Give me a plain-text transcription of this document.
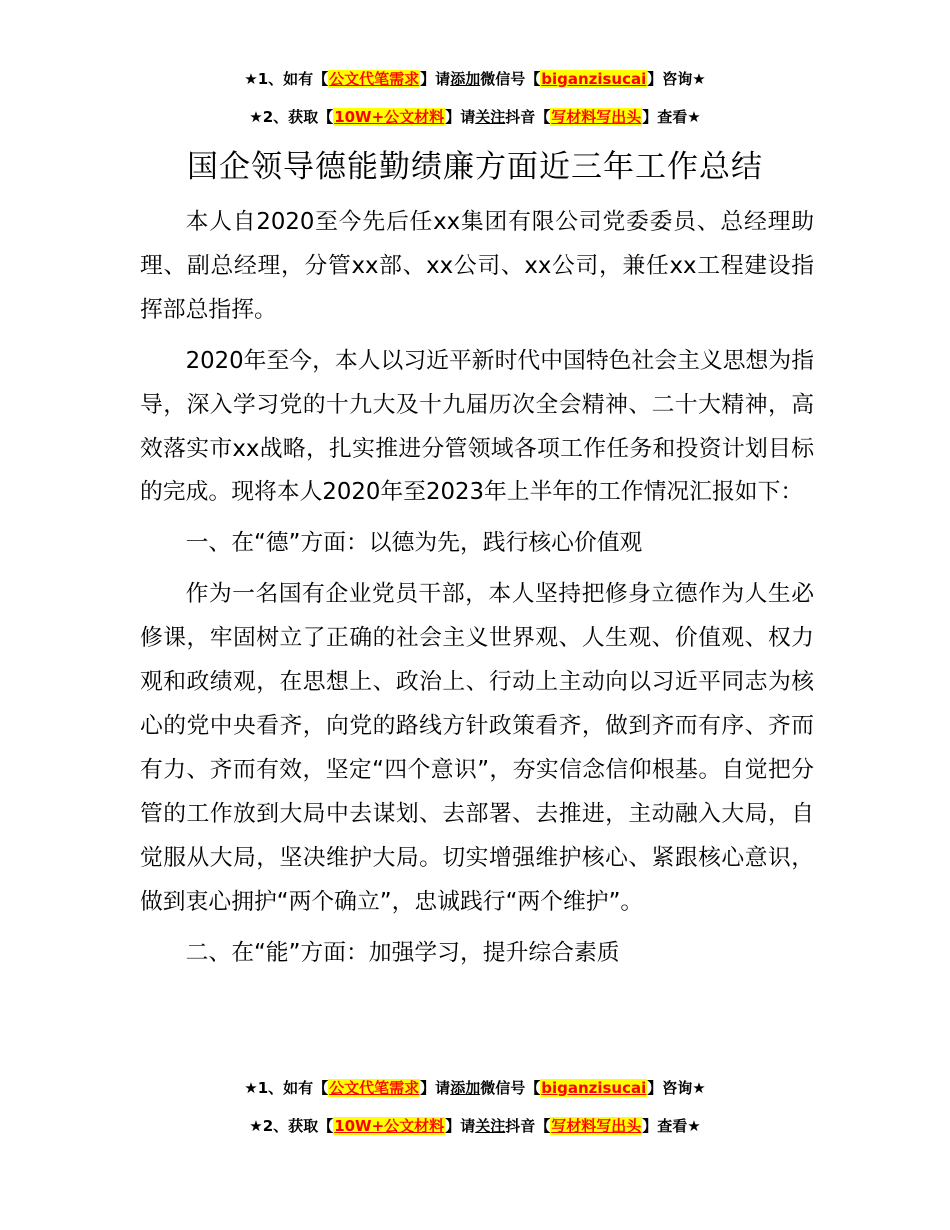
★1、如有【公文代笔需求】请添加微信号【biganzisucai】咨询★
★2、获取【10W+公文材料】请关注抖音【写材料写出头】查看★
国企领导德能勤绩廉方面近三年工作总结

本人自2020至今先后任xx集团有限公司党委委员、总经理助理、副总经理，分管xx部、xx公司、xx公司，兼任xx工程建设指挥部总指挥。

2020年至今，本人以习近平新时代中国特色社会主义思想为指导，深入学习党的十九大及十九届历次全会精神、二十大精神，高效落实市xx战略，扎实推进分管领域各项工作任务和投资计划目标的完成。现将本人2020年至2023年上半年的工作情况汇报如下：

一、在“德”方面：以德为先，践行核心价值观

作为一名国有企业党员干部，本人坚持把修身立德作为人生必修课，牢固树立了正确的社会主义世界观、人生观、价值观、权力观和政绩观，在思想上、政治上、行动上主动向以习近平同志为核心的党中央看齐，向党的路线方针政策看齐，做到齐而有序、齐而有力、齐而有效，坚定“四个意识”，夯实信念信仰根基。自觉把分管的工作放到大局中去谋划、去部署、去推进，主动融入大局，自觉服从大局，坚决维护大局。切实增强维护核心、紧跟核心意识，做到衷心拥护“两个确立”，忠诚践行“两个维护”。

二、在“能”方面：加强学习，提升综合素质

★1、如有【公文代笔需求】请添加微信号【biganzisucai】咨询★
★2、获取【10W+公文材料】请关注抖音【写材料写出头】查看★
